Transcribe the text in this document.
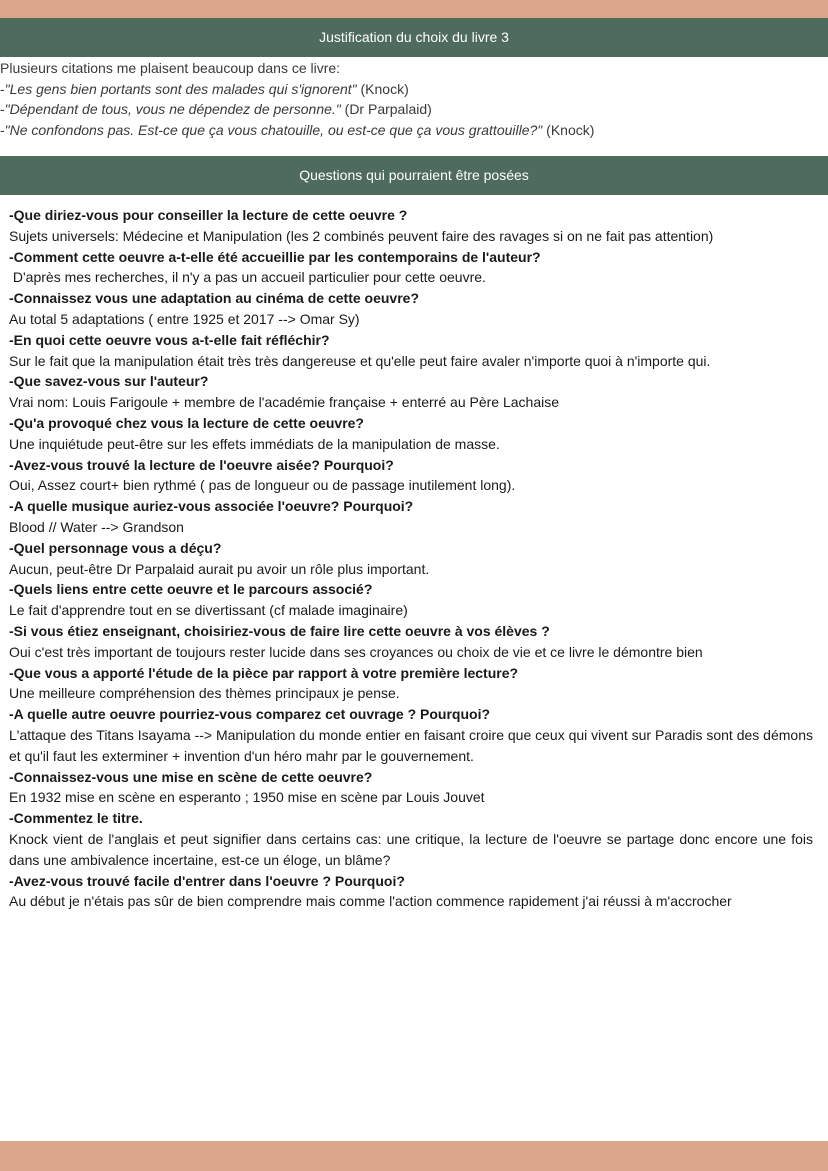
Justification du choix du livre 3

Plusieurs citations me plaisent beaucoup dans ce livre:

-"Les gens bien portants sont des malades qui s'ignorent" (Knock)

-"Dépendant de tous, vous ne dépendez de personne." (Dr Parpalaid)

-"Ne confondons pas. Est-ce que ça vous chatouille, ou est-ce que ça vous grattouille?" (Knock)

Questions qui pourraient être posées

-Que diriez-vous pour conseiller la lecture de cette oeuvre ?

Sujets universels: Médecine et Manipulation (les 2 combinés peuvent faire des ravages si on ne fait pas attention)

-Comment cette oeuvre a-t-elle été accueillie par les contemporains de l'auteur?

D'après mes recherches, il n'y a pas un accueil particulier pour cette oeuvre.

-Connaissez vous une adaptation au cinéma de cette oeuvre?

Au total 5 adaptations ( entre 1925 et 2017 --> Omar Sy)

-En quoi cette oeuvre vous a-t-elle fait réfléchir?

Sur le fait que la manipulation était très très dangereuse et qu'elle peut faire avaler n'importe quoi à n'importe qui.

-Que savez-vous sur l'auteur?

Vrai nom: Louis Farigoule + membre de l'académie française + enterré au Père Lachaise

-Qu'a provoqué chez vous la lecture de cette oeuvre?

Une inquiétude peut-être sur les effets immédiats de la manipulation de masse.

-Avez-vous trouvé la lecture de l'oeuvre aisée? Pourquoi?

Oui, Assez court+ bien rythmé ( pas de longueur ou de passage inutilement long).

-A quelle musique auriez-vous associée l'oeuvre? Pourquoi?

Blood // Water --> Grandson

-Quel personnage vous a déçu?

Aucun, peut-être Dr Parpalaid aurait pu avoir un rôle plus important.

-Quels liens entre cette oeuvre et le parcours associé?

Le fait d'apprendre tout en se divertissant (cf malade imaginaire)

-Si vous étiez enseignant, choisiriez-vous de faire lire cette oeuvre à vos élèves ?

Oui c'est très important de toujours rester lucide dans ses croyances ou choix de vie et ce livre le démontre bien

-Que vous a apporté l'étude de la pièce par rapport à votre première lecture?

Une meilleure compréhension des thèmes principaux je pense.

-A quelle autre oeuvre pourriez-vous comparez cet ouvrage ? Pourquoi?

L'attaque des Titans Isayama --> Manipulation du monde entier en faisant croire que ceux qui vivent sur Paradis sont des démons et qu'il faut les exterminer + invention d'un héro mahr par le gouvernement.

-Connaissez-vous une mise en scène de cette oeuvre?

En 1932 mise en scène en esperanto ; 1950 mise en scène par Louis Jouvet

-Commentez le titre.

Knock vient de l'anglais et peut signifier dans certains cas: une critique, la lecture de l'oeuvre se partage donc encore une fois dans une ambivalence incertaine, est-ce un éloge, un blâme?

-Avez-vous trouvé facile d'entrer dans l'oeuvre ? Pourquoi?

Au début je n'étais pas sûr de bien comprendre mais comme l'action commence rapidement j'ai réussi à m'accrocher
